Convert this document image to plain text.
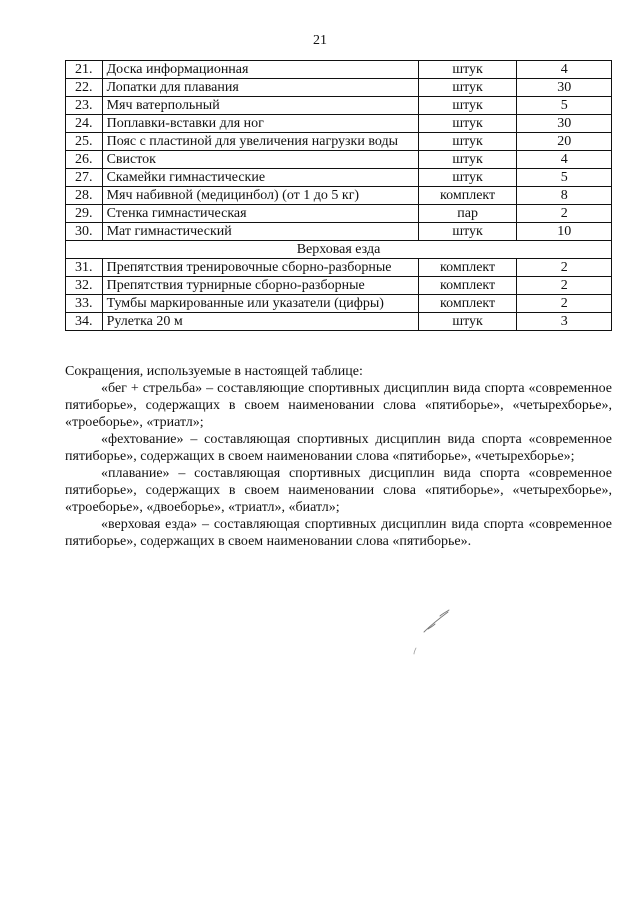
21
21.	Доска информационная	штук	4
22.	Лопатки для плавания	штук	30
23.	Мяч ватерпольный	штук	5
24.	Поплавки-вставки для ног	штук	30
25.	Пояс с пластиной для увеличения нагрузки воды	штук	20
26.	Свисток	штук	4
27.	Скамейки гимнастические	штук	5
28.	Мяч набивной (медицинбол) (от 1 до 5 кг)	комплект	8
29.	Стенка гимнастическая	пар	2
30.	Мат гимнастический	штук	10
Верховая езда			
31.	Препятствия тренировочные сборно-разборные	комплект	2
32.	Препятствия турнирные сборно-разборные	комплект	2
33.	Тумбы маркированные или указатели (цифры)	комплект	2
34.	Рулетка 20 м	штук	3

Сокращения, используемые в настоящей таблице:

«бег + стрельба» – составляющие спортивных дисциплин вида спорта «современное пятиборье», содержащих в своем наименовании слова «пятиборье», «четырехборье», «троеборье», «триатл»;

«фехтование» – составляющая спортивных дисциплин вида спорта «современное пятиборье», содержащих в своем наименовании слова «пятиборье», «четырехборье»;

«плавание» – составляющая спортивных дисциплин вида спорта «современное пятиборье», содержащих в своем наименовании слова «пятиборье», «четырехборье», «троеборье», «двоеборье», «триатл», «биатл»;

«верховая езда» – составляющая спортивных дисциплин вида спорта «современное пятиборье», содержащих в своем наименовании слова «пятиборье».
